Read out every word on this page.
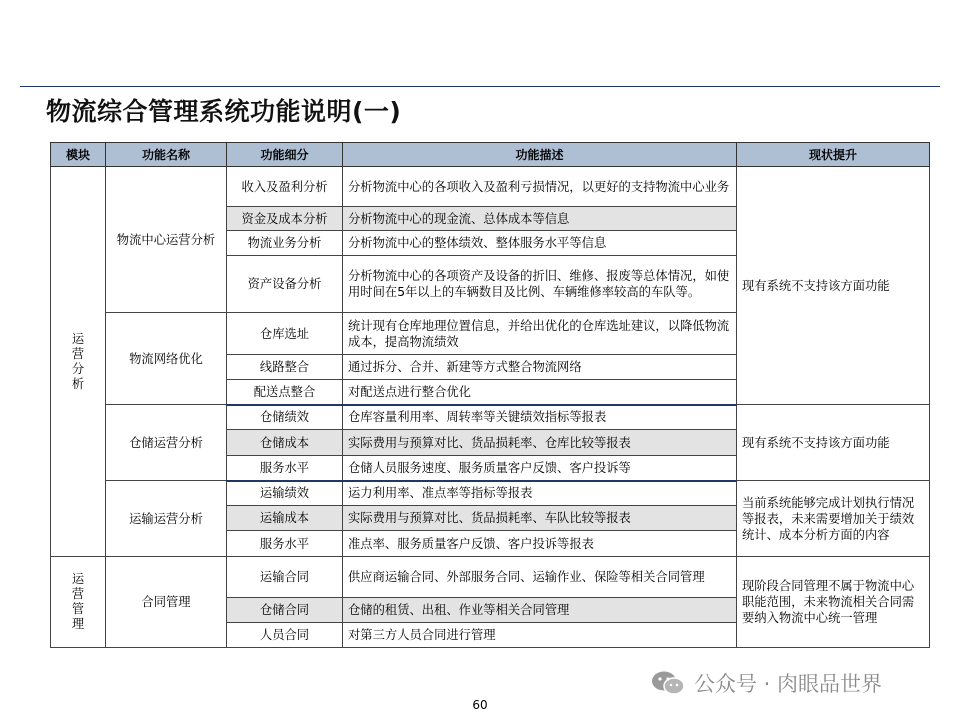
物流综合管理系统功能说明(一)
模块	功能名称	功能细分	功能描述	现状提升
运营分析	物流中心运营分析	收入及盈利分析	分析物流中心的各项收入及盈利亏损情况，以更好的支持物流中心业务	现有系统不支持该方面功能
		资金及成本分析	分析物流中心的现金流、总体成本等信息	
		物流业务分析	分析物流中心的整体绩效、整体服务水平等信息	
		资产设备分析	分析物流中心的各项资产及设备的折旧、维修、报废等总体情况，如使用时间在5年以上的车辆数目及比例、车辆维修率较高的车队等。	
	物流网络优化	仓库选址	统计现有仓库地理位置信息，并给出优化的仓库选址建议，以降低物流成本，提高物流绩效	
		线路整合	通过拆分、合并、新建等方式整合物流网络	
		配送点整合	对配送点进行整合优化	
	仓储运营分析	仓储绩效	仓库容量利用率、周转率等关键绩效指标等报表	现有系统不支持该方面功能
		仓储成本	实际费用与预算对比、货品损耗率、仓库比较等报表	
		服务水平	仓储人员服务速度、服务质量客户反馈、客户投诉等	
	运输运营分析	运输绩效	运力利用率、准点率等指标等报表	当前系统能够完成计划执行情况等报表，未来需要增加关于绩效统计、成本分析方面的内容
		运输成本	实际费用与预算对比、货品损耗率、车队比较等报表	
		服务水平	准点率、服务质量客户反馈、客户投诉等报表	
运营管理	合同管理	运输合同	供应商运输合同、外部服务合同、运输作业、保险等相关合同管理	现阶段合同管理不属于物流中心职能范围，未来物流相关合同需要纳入物流中心统一管理
		仓储合同	仓储的租赁、出租、作业等相关合同管理	
		人员合同	对第三方人员合同进行管理	
公众号 · 肉眼品世界
60
